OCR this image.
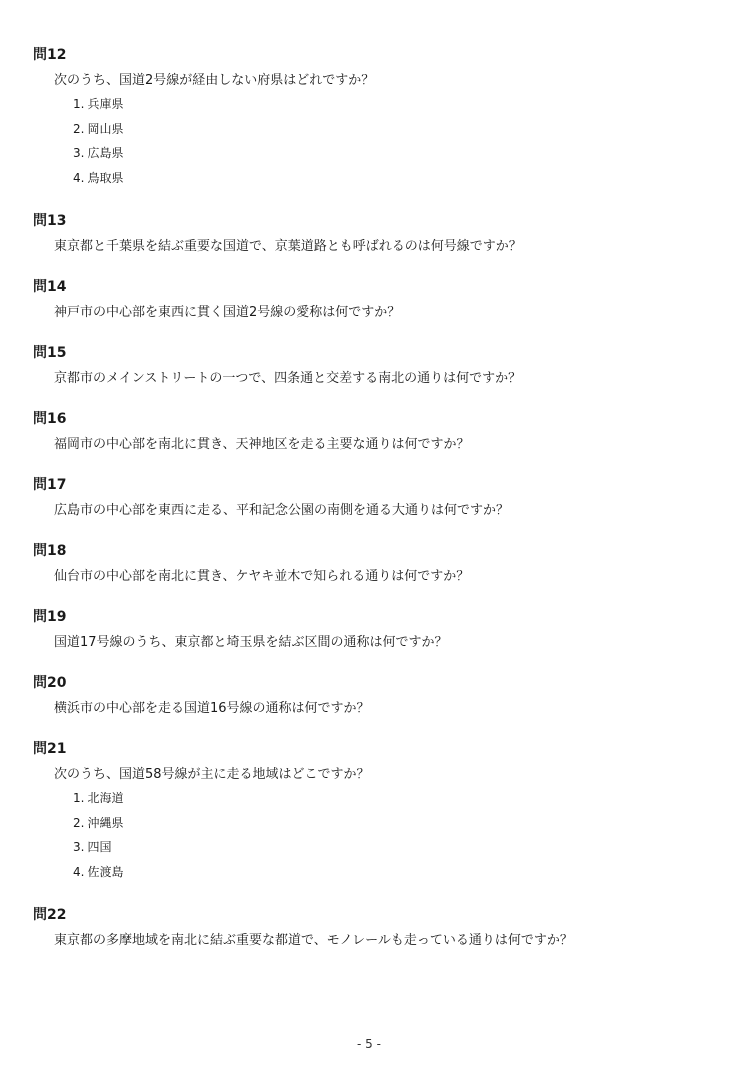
問12
次のうち、国道2号線が経由しない府県はどれですか？
1. 兵庫県
2. 岡山県
3. 広島県
4. 鳥取県
問13
東京都と千葉県を結ぶ重要な国道で、京葉道路とも呼ばれるのは何号線ですか？
問14
神戸市の中心部を東西に貫く国道2号線の愛称は何ですか？
問15
京都市のメインストリートの一つで、四条通と交差する南北の通りは何ですか？
問16
福岡市の中心部を南北に貫き、天神地区を走る主要な通りは何ですか？
問17
広島市の中心部を東西に走る、平和記念公園の南側を通る大通りは何ですか？
問18
仙台市の中心部を南北に貫き、ケヤキ並木で知られる通りは何ですか？
問19
国道17号線のうち、東京都と埼玉県を結ぶ区間の通称は何ですか？
問20
横浜市の中心部を走る国道16号線の通称は何ですか？
問21
次のうち、国道58号線が主に走る地域はどこですか？
1. 北海道
2. 沖縄県
3. 四国
4. 佐渡島
問22
東京都の多摩地域を南北に結ぶ重要な都道で、モノレールも走っている通りは何ですか？
- 5 -
